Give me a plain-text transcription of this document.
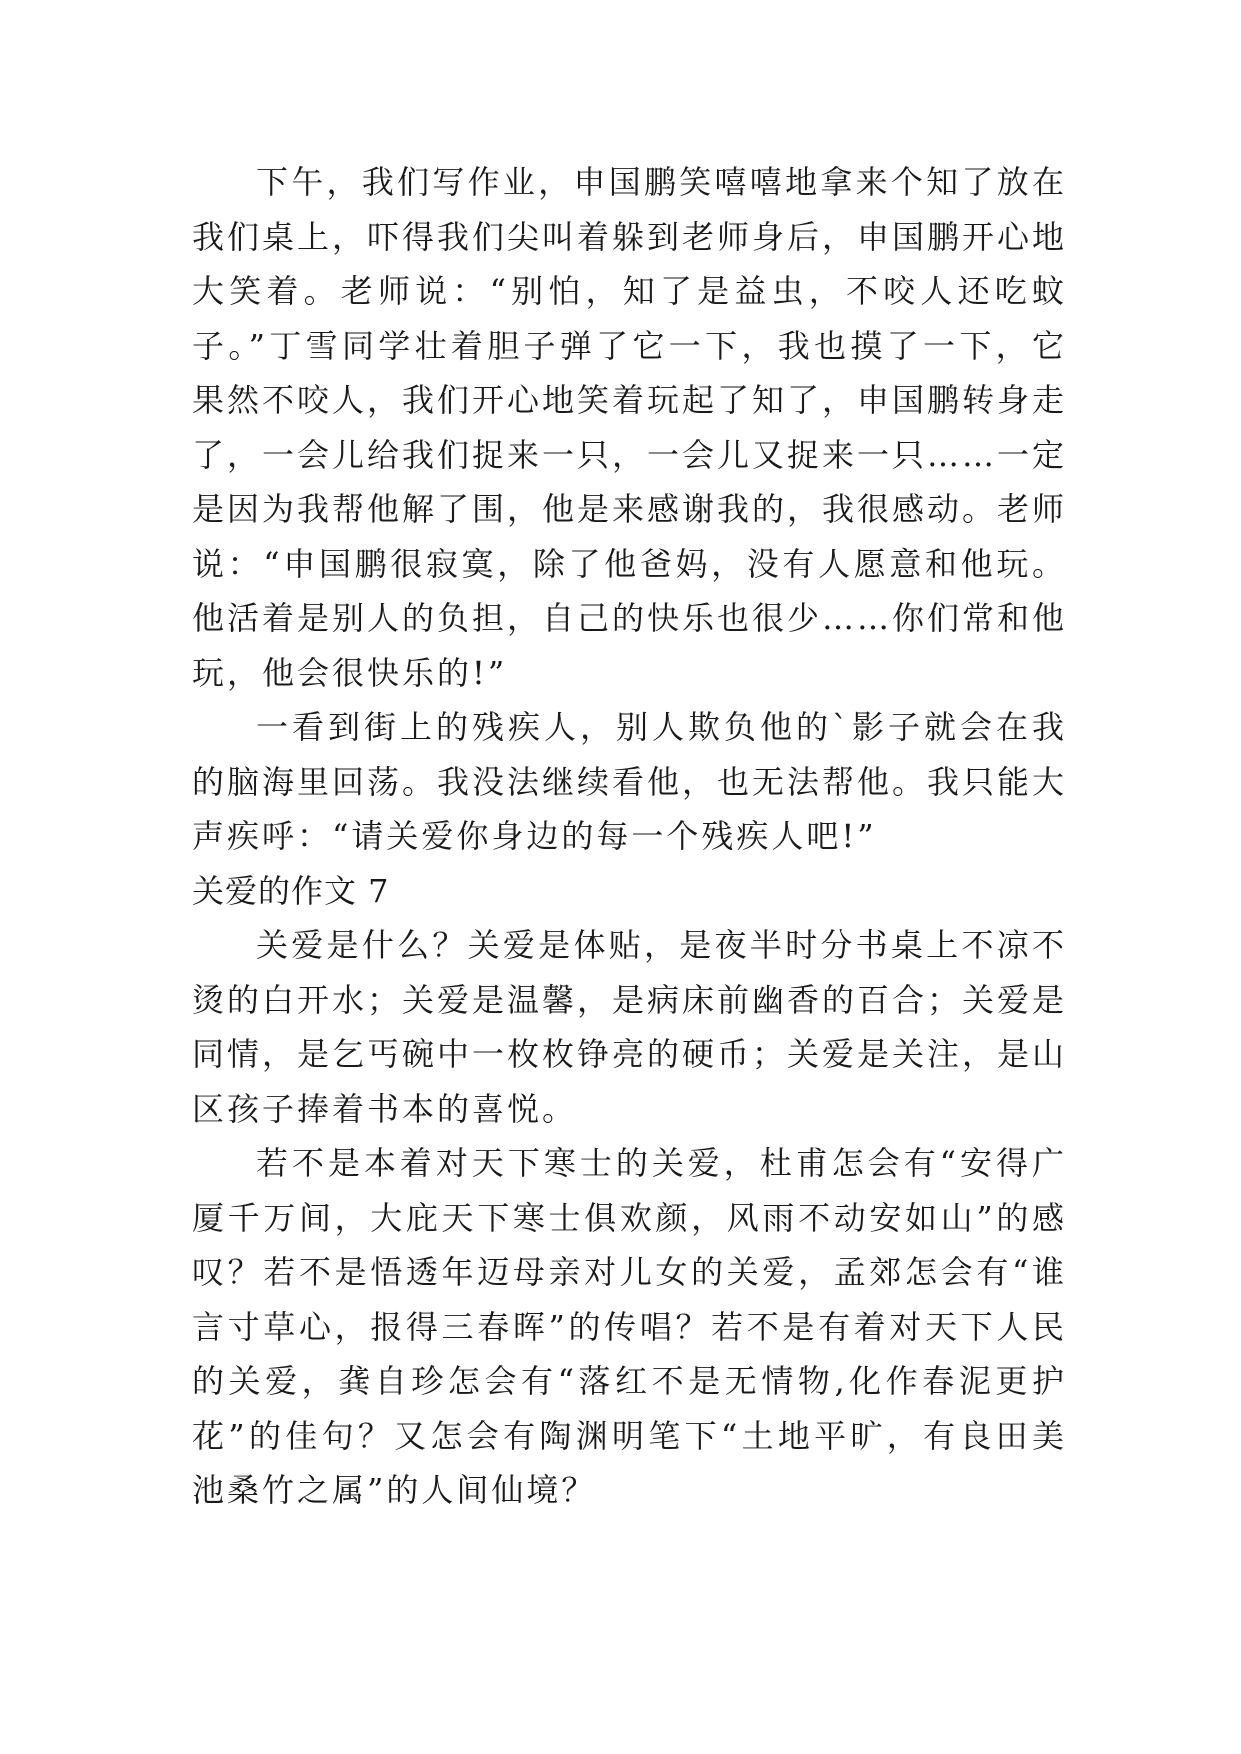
下午，我们写作业，申国鹏笑嘻嘻地拿来个知了放在我们桌上，吓得我们尖叫着躲到老师身后，申国鹏开心地大笑着。老师说：“别怕，知了是益虫，不咬人还吃蚊子。”丁雪同学壮着胆子弹了它一下，我也摸了一下，它果然不咬人，我们开心地笑着玩起了知了，申国鹏转身走了，一会儿给我们捉来一只，一会儿又捉来一只……一定是因为我帮他解了围，他是来感谢我的，我很感动。老师说：“申国鹏很寂寞，除了他爸妈，没有人愿意和他玩。他活着是别人的负担，自己的快乐也很少……你们常和他玩，他会很快乐的!”

一看到街上的残疾人，别人欺负他的`影子就会在我的脑海里回荡。我没法继续看他，也无法帮他。我只能大声疾呼：“请关爱你身边的每一个残疾人吧!”

关爱的作文 7

关爱是什么？关爱是体贴，是夜半时分书桌上不凉不烫的白开水；关爱是温馨，是病床前幽香的百合；关爱是同情，是乞丐碗中一枚枚铮亮的硬币；关爱是关注，是山区孩子捧着书本的喜悦。

若不是本着对天下寒士的关爱，杜甫怎会有“安得广厦千万间，大庇天下寒士俱欢颜，风雨不动安如山”的感叹？若不是悟透年迈母亲对儿女的关爱，孟郊怎会有“谁言寸草心，报得三春晖”的传唱？若不是有着对天下人民的关爱，龚自珍怎会有“落红不是无情物,化作春泥更护花”的佳句？又怎会有陶渊明笔下“土地平旷，有良田美池桑竹之属”的人间仙境？
